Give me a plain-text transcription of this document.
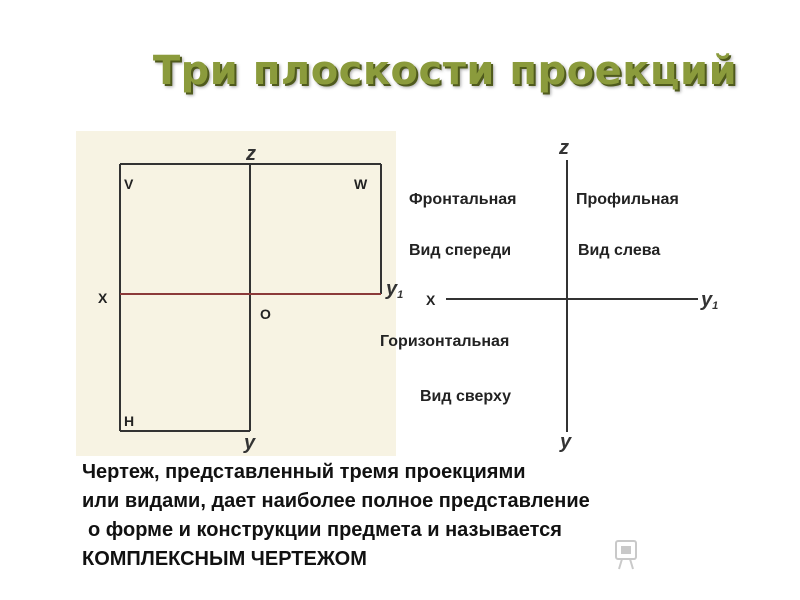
Три плоскости проекций
z
V	W
X
O
$y_1$
H
y
z
X	$y_1$
y
Фронтальная
Вид спереди
Профильная
Вид слева
Горизонтальная
Вид сверху
Чертеж, представленный тремя проекциями
или видами, дает наиболее полное представление
о форме и конструкции предмета и называется
КОМПЛЕКСНЫМ ЧЕРТЕЖОМ
